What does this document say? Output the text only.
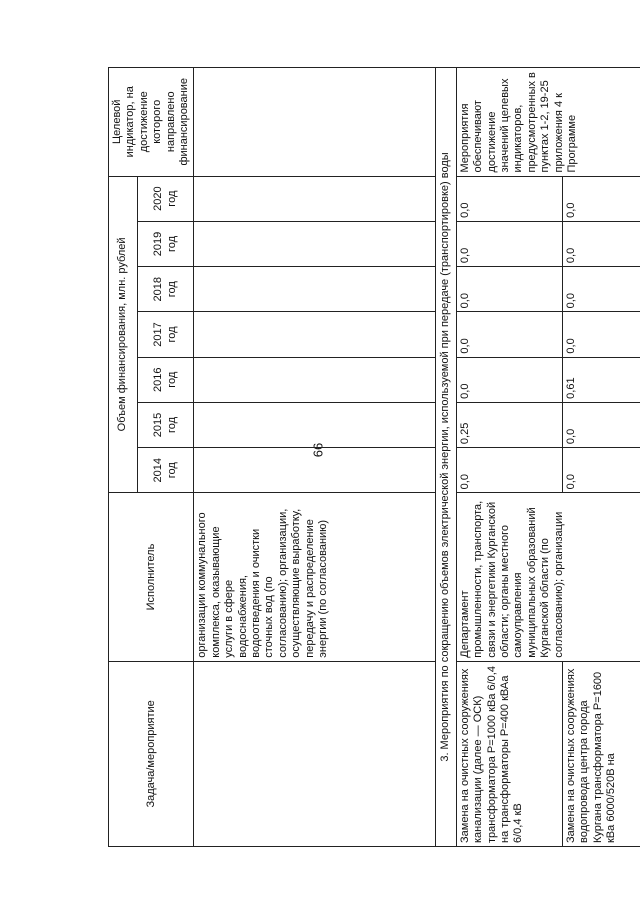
66
Задача/мероприятие	Исполнитель	Объем финансирования, млн. рублей							Целевой индикатор, на достижение которого направлено финансирование
		2014 год	2015 год	2016 год	2017 год	2018 год	2019 год	2020 год	
	организации коммунального комплекса, оказывающие услуги в сфере водоснабжения, водоотведения и очистки сточных вод (по согласованию); организации, осуществляющие выработку, передачу и распределение энергии (по согласованию)								
3. Мероприятия по сокращению объемов электрической энергии, используемой при передаче (транспортировке) воды									
Замена на очистных сооружениях канализации (далее — ОСК) трансформатора Р=1000 кВа 6/0,4 на трансформаторы Р=400 кВАа 6/0,4 кВ	Департамент промышленности, транспорта, связи и энергетики Курганской области; органы местного самоуправления муниципальных образований Курганской области (по согласованию); организации	0,0	0,25	0,0	0,0	0,0	0,0	0,0	Мероприятия обеспечивают достижение значений целевых индикаторов, предусмотренных в пунктах 1-2, 19-25 приложения 4 к Программе
Замена на очистных сооружениях водопровода центра города Кургана трансформатора Р=1600 кВа 6000/520В на		0,0	0,0	0,61	0,0	0,0	0,0	0,0	
